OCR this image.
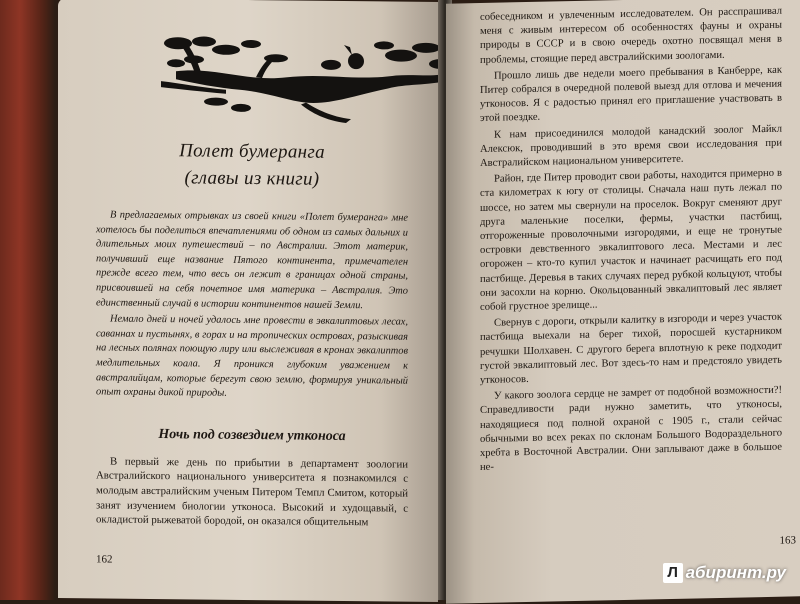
Полет бумеранга
(главы из книги)

В предлагаемых отрывках из своей книги «Полет бумеранга» мне хотелось бы поделиться впечатлениями об одном из самых дальних и длительных моих путешествий – по Австралии. Этот материк, получивший еще название Пятого континента, примечателен прежде всего тем, что весь он лежит в границах одной страны, присвоившей на себя почетное имя материка – Австралия. Это единственный случай в истории континентов нашей Земли.

Немало дней и ночей удалось мне провести в эвкалиптовых лесах, саваннах и пустынях, в горах и на тропических островах, разыскивая на лесных полянах поющую лиру или выслеживая в кронах эвкалиптов медлительных коала. Я проникся глубоким уважением к австралийцам, которые берегут свою землю, формируя уникальный опыт охраны дикой природы.

Ночь под созвездием утконоса

В первый же день по прибытии в департамент зоологии Австралийского национального университета я познакомился с молодым австралийским ученым Питером Темпл Смитом, который занят изучением биологии утконоса. Высокий и худощавый, с окладистой рыжеватой бородой, он оказался общительным

162

собеседником и увлеченным исследователем. Он расспрашивал меня с живым интересом об особенностях фауны и охраны природы в СССР и в свою очередь охотно посвящал меня в проблемы, стоящие перед австралийскими зоологами.

Прошло лишь две недели моего пребывания в Канберре, как Питер собрался в очередной полевой выезд для отлова и мечения утконосов. Я с радостью принял его приглашение участвовать в этой поездке.

К нам присоединился молодой канадский зоолог Майкл Алексюк, проводивший в это время свои исследования при Австралийском национальном университете.

Район, где Питер проводит свои работы, находится примерно в ста километрах к югу от столицы. Сначала наш путь лежал по шоссе, но затем мы свернули на проселок. Вокруг сменяют друг друга маленькие поселки, фермы, участки пастбищ, отгороженные проволочными изгородями, и еще не тронутые островки девственного эвкалиптового леса. Местами и лес огорожен – кто-то купил участок и начинает расчищать его под пастбище. Деревья в таких случаях перед рубкой кольцуют, чтобы они засохли на корню. Окольцованный эвкалиптовый лес являет собой грустное зрелище...

Свернув с дороги, открыли калитку в изгороди и через участок пастбища выехали на берег тихой, поросшей кустарником речушки Шолхавен. С другого берега вплотную к реке подходит густой эвкалиптовый лес. Вот здесь-то нам и предстояло увидеть утконосов.

У какого зоолога сердце не замрет от подобной возможности?! Справедливости ради нужно заметить, что утконосы, находящиеся под полной охраной с 1905 г., стали сейчас обычными во всех реках по склонам Большого Водораздельного хребта в Восточной Австралии. Они заплывают даже в большое не-

163
Л абиринт.ру
